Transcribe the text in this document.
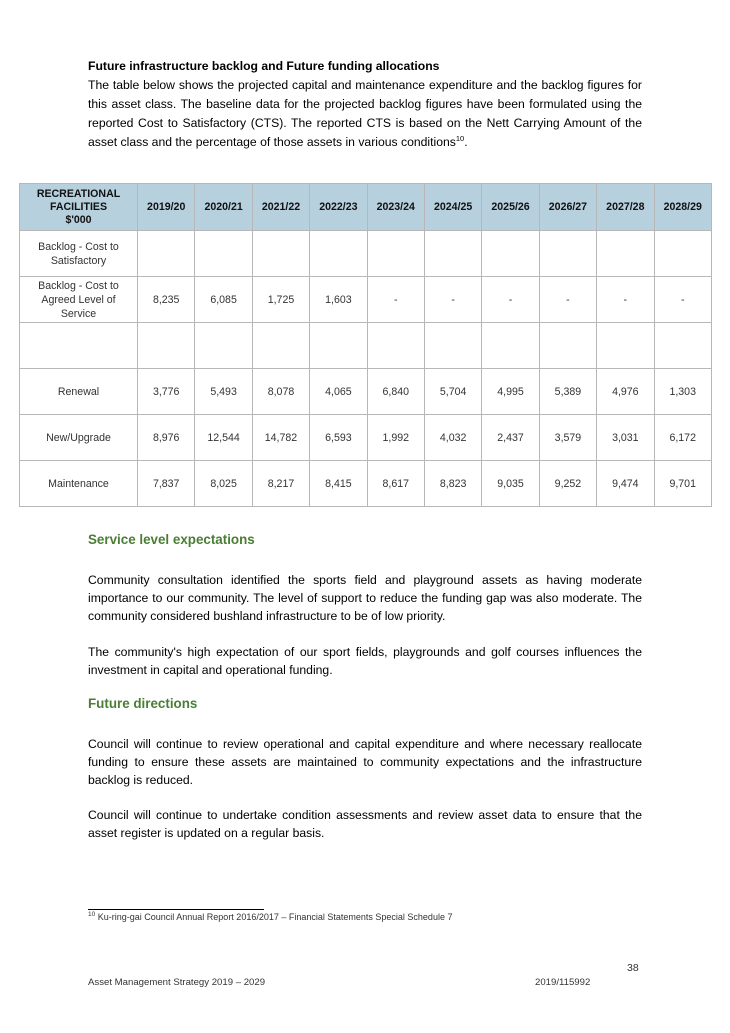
Future infrastructure backlog and Future funding allocations
The table below shows the projected capital and maintenance expenditure and the backlog figures for this asset class. The baseline data for the projected backlog figures have been formulated using the reported Cost to Satisfactory (CTS). The reported CTS is based on the Nett Carrying Amount of the asset class and the percentage of those assets in various conditions$^{10}$.
RECREATIONAL
FACILITIES
$'000	2019/20	2020/21	2021/22	2022/23	2023/24	2024/25	2025/26	2026/27	2027/28	2028/29
Backlog - Cost to
Satisfactory										
Backlog - Cost to
Agreed Level of
Service	8,235	6,085	1,725	1,603	-	-	-	-	-	-

Renewal	3,776	5,493	8,078	4,065	6,840	5,704	4,995	5,389	4,976	1,303
New/Upgrade	8,976	12,544	14,782	6,593	1,992	4,032	2,437	3,579	3,031	6,172
Maintenance	7,837	8,025	8,217	8,415	8,617	8,823	9,035	9,252	9,474	9,701
Service level expectations

Community consultation identified the sports field and playground assets as having moderate importance to our community. The level of support to reduce the funding gap was also moderate. The community considered bushland infrastructure to be of low priority.

The community's high expectation of our sport fields, playgrounds and golf courses influences the investment in capital and operational funding.

Future directions

Council will continue to review operational and capital expenditure and where necessary reallocate funding to ensure these assets are maintained to community expectations and the infrastructure backlog is reduced.

Council will continue to undertake condition assessments and review asset data to ensure that the asset register is updated on a regular basis.

$^{10}$ Ku-ring-gai Council Annual Report 2016/2017 – Financial Statements Special Schedule 7
38
Asset Management Strategy 2019 – 2029	2019/115992
